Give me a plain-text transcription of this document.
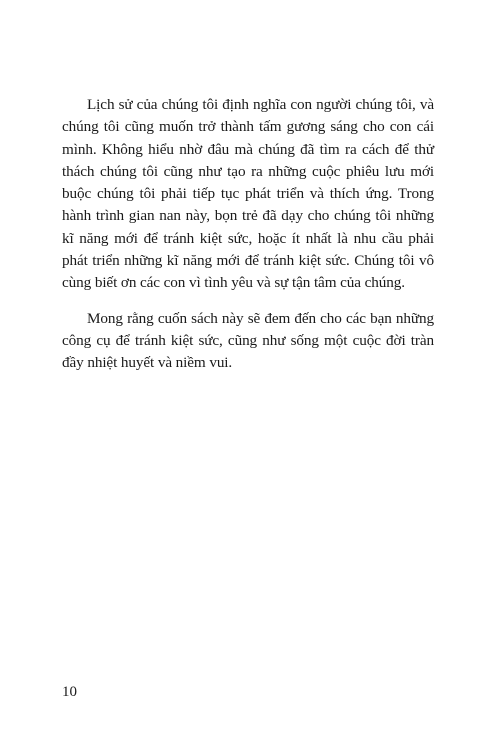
Lịch sử của chúng tôi định nghĩa con người chúng tôi, và chúng tôi cũng muốn trở thành tấm gương sáng cho con cái mình. Không hiểu nhờ đâu mà chúng đã tìm ra cách để thử thách chúng tôi cũng như tạo ra những cuộc phiêu lưu mới buộc chúng tôi phải tiếp tục phát triển và thích ứng. Trong hành trình gian nan này, bọn trẻ đã dạy cho chúng tôi những kĩ năng mới để tránh kiệt sức, hoặc ít nhất là nhu cầu phải phát triển những kĩ năng mới để tránh kiệt sức. Chúng tôi vô cùng biết ơn các con vì tình yêu và sự tận tâm của chúng.

Mong rằng cuốn sách này sẽ đem đến cho các bạn những công cụ để tránh kiệt sức, cũng như sống một cuộc đời tràn đầy nhiệt huyết và niềm vui.

10
